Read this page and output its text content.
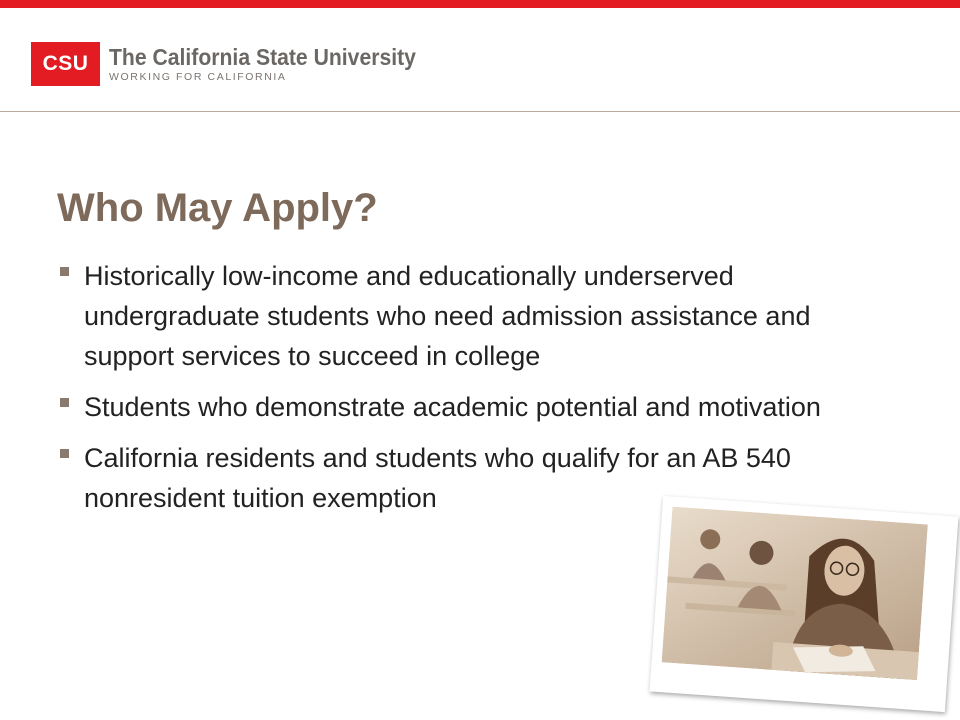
CSU The California State University
WORKING FOR CALIFORNIA
Who May Apply?
Historically low-income and educationally underserved undergraduate students who need admission assistance and support services to succeed in college
Students who demonstrate academic potential and motivation
California residents and students who qualify for an AB 540 nonresident tuition exemption
